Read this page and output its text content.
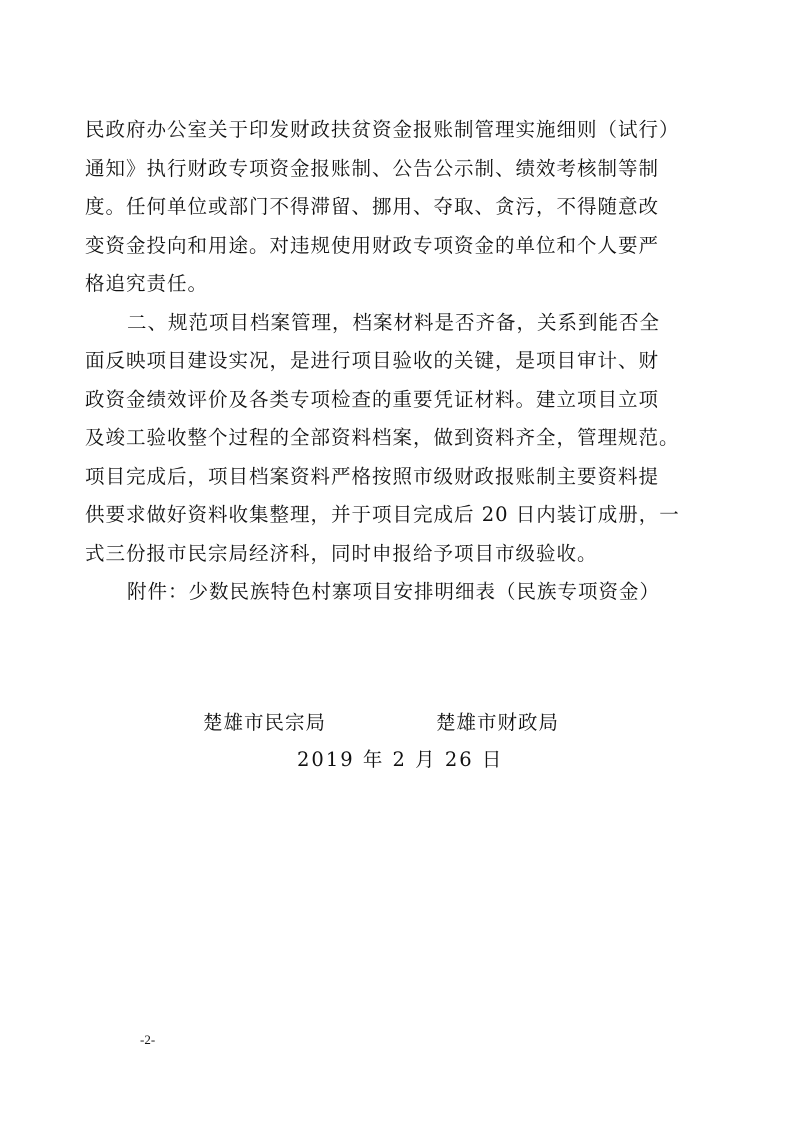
民政府办公室关于印发财政扶贫资金报账制管理实施细则（试行）
通知》执行财政专项资金报账制、公告公示制、绩效考核制等制
度。任何单位或部门不得滞留、挪用、夺取、贪污，不得随意改
变资金投向和用途。对违规使用财政专项资金的单位和个人要严
格追究责任。
二、规范项目档案管理，档案材料是否齐备，关系到能否全
面反映项目建设实况，是进行项目验收的关键，是项目审计、财
政资金绩效评价及各类专项检查的重要凭证材料。建立项目立项
及竣工验收整个过程的全部资料档案，做到资料齐全，管理规范。
项目完成后，项目档案资料严格按照市级财政报账制主要资料提
供要求做好资料收集整理，并于项目完成后 20 日内装订成册，一
式三份报市民宗局经济科，同时申报给予项目市级验收。
附件：少数民族特色村寨项目安排明细表（民族专项资金）
楚雄市民宗局	楚雄市财政局
2019 年 2 月 26 日
-2-
